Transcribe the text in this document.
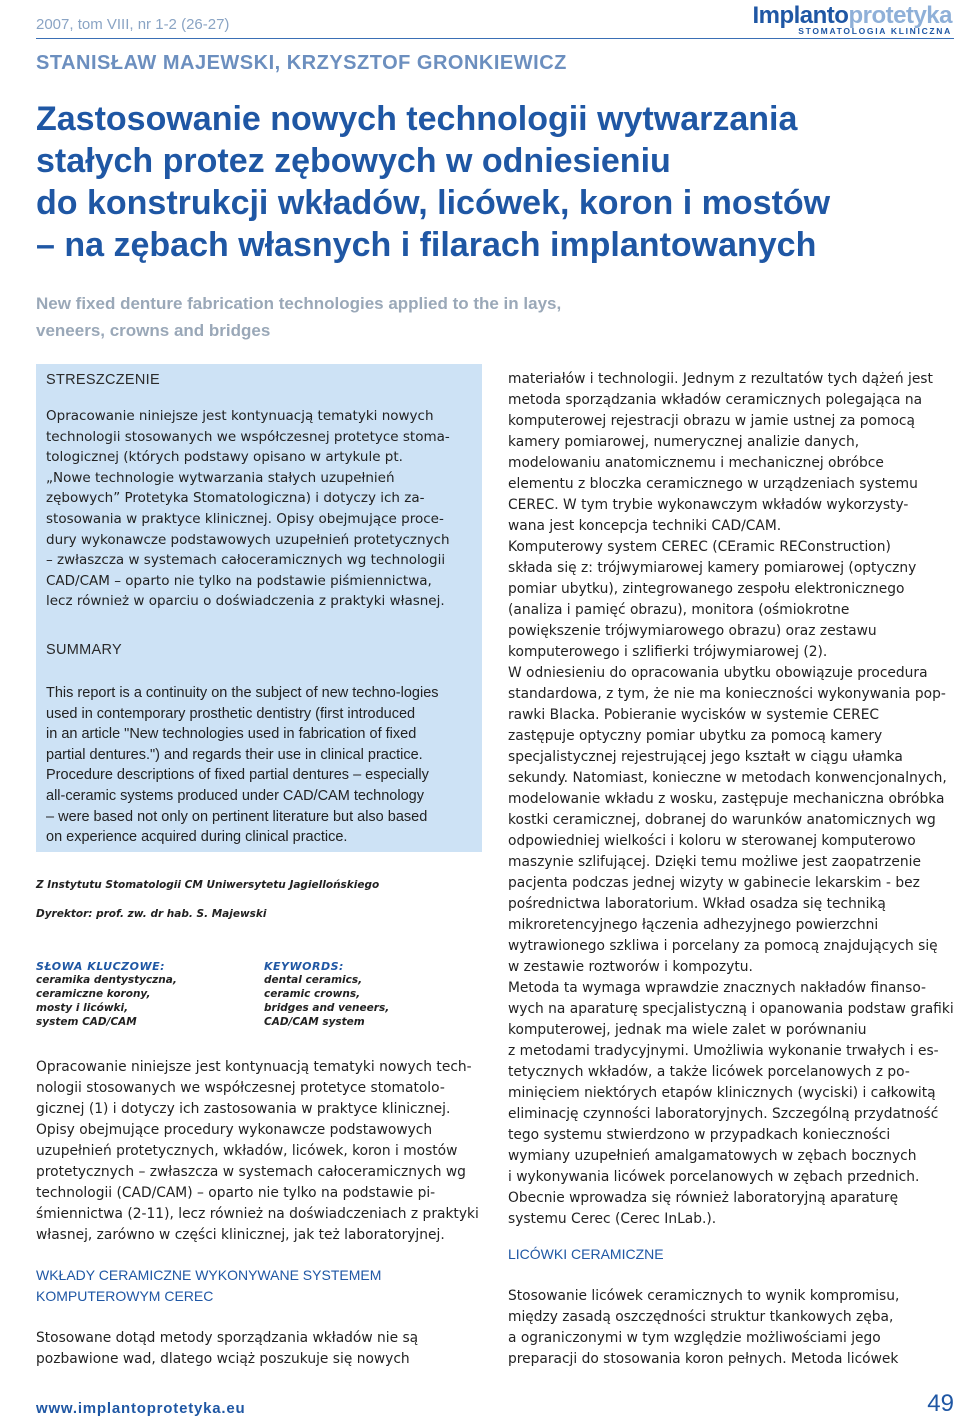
2007, tom VIII, nr 1-2 (26-27)	Implantoprotetyka
STOMATOLOGIA KLINICZNA
STANISŁAW MAJEWSKI, KRZYSZTOF GRONKIEWICZ
Zastosowanie nowych technologii wytwarzania
stałych protez zębowych w odniesieniu
do konstrukcji wkładów, licówek, koron i mostów
– na zębach własnych i filarach implantowanych
New fixed denture fabrication technologies applied to the in lays,
veneers, crowns and bridges
STRESZCZENIE
Opracowanie niniejsze jest kontynuacją tematyki nowych
technologii stosowanych we współczesnej protetyce stoma-
tologicznej (których podstawy opisano w artykule pt.
„Nowe technologie wytwarzania stałych uzupełnień
zębowych” Protetyka Stomatologiczna) i dotyczy ich za-
stosowania w praktyce klinicznej. Opisy obejmujące proce-
dury wykonawcze podstawowych uzupełnień protetycznych
– zwłaszcza w systemach całoceramicznych wg technologii
CAD/CAM – oparto nie tylko na podstawie piśmiennictwa,
lecz również w oparciu o doświadczenia z praktyki własnej.
SUMMARY
This report is a continuity on the subject of new techno-logies
used in contemporary prosthetic dentistry (first introduced
in an article "New technologies used in fabrication of fixed
partial dentures.") and regards their use in clinical practice.
Procedure descriptions of fixed partial dentures – especially
all-ceramic systems produced under CAD/CAM technology
– were based not only on pertinent literature but also based
on experience acquired during clinical practice.
Z Instytutu Stomatologii CM Uniwersytetu Jagiellońskiego
Dyrektor: prof. zw. dr hab. S. Majewski
SŁOWA KLUCZOWE:
ceramika dentystyczna,
ceramiczne korony,
mosty i licówki,
system CAD/CAM
KEYWORDS:
dental ceramics,
ceramic crowns,
bridges and veneers,
CAD/CAM system
Opracowanie niniejsze jest kontynuacją tematyki nowych tech-
nologii stosowanych we współczesnej protetyce stomatolo-
gicznej (1) i dotyczy ich zastosowania w praktyce klinicznej.
Opisy obejmujące procedury wykonawcze podstawowych
uzupełnień protetycznych, wkładów, licówek, koron i mostów
protetycznych – zwłaszcza w systemach całoceramicznych wg
technologii (CAD/CAM) – oparto nie tylko na podstawie pi-
śmiennictwa (2-11), lecz również na doświadczeniach z praktyki
własnej, zarówno w części klinicznej, jak też laboratoryjnej.
WKŁADY CERAMICZNE WYKONYWANE SYSTEMEM
KOMPUTEROWYM CEREC
Stosowane dotąd metody sporządzania wkładów nie są
pozbawione wad, dlatego wciąż poszukuje się nowych
materiałów i technologii. Jednym z rezultatów tych dążeń jest
metoda sporządzania wkładów ceramicznych polegająca na
komputerowej rejestracji obrazu w jamie ustnej za pomocą
kamery pomiarowej, numerycznej analizie danych,
modelowaniu anatomicznemu i mechanicznej obróbce
elementu z bloczka ceramicznego w urządzeniach systemu
CEREC. W tym trybie wykonawczym wkładów wykorzysty-
wana jest koncepcja techniki CAD/CAM.
Komputerowy system CEREC (CEramic REConstruction)
składa się z: trójwymiarowej kamery pomiarowej (optyczny
pomiar ubytku), zintegrowanego zespołu elektronicznego
(analiza i pamięć obrazu), monitora (ośmiokrotne
powiększenie trójwymiarowego obrazu) oraz zestawu
komputerowego i szlifierki trójwymiarowej (2).
W odniesieniu do opracowania ubytku obowiązuje procedura
standardowa, z tym, że nie ma konieczności wykonywania pop-
rawki Blacka. Pobieranie wycisków w systemie CEREC
zastępuje optyczny pomiar ubytku za pomocą kamery
specjalistycznej rejestrującej jego kształt w ciągu ułamka
sekundy. Natomiast, konieczne w metodach konwencjonalnych,
modelowanie wkładu z wosku, zastępuje mechaniczna obróbka
kostki ceramicznej, dobranej do warunków anatomicznych wg
odpowiedniej wielkości i koloru w sterowanej komputerowo
maszynie szlifującej. Dzięki temu możliwe jest zaopatrzenie
pacjenta podczas jednej wizyty w gabinecie lekarskim - bez
pośrednictwa laboratorium. Wkład osadza się techniką
mikroretencyjnego łączenia adhezyjnego powierzchni
wytrawionego szkliwa i porcelany za pomocą znajdujących się
w zestawie roztworów i kompozytu.
Metoda ta wymaga wprawdzie znacznych nakładów finanso-
wych na aparaturę specjalistyczną i opanowania podstaw grafiki
komputerowej, jednak ma wiele zalet w porównaniu
z metodami tradycyjnymi. Umożliwia wykonanie trwałych i es-
tetycznych wkładów, a także licówek porcelanowych z po-
minięciem niektórych etapów klinicznych (wyciski) i całkowitą
eliminację czynności laboratoryjnych. Szczególną przydatność
tego systemu stwierdzono w przypadkach konieczności
wymiany uzupełnień amalgamatowych w zębach bocznych
i wykonywania licówek porcelanowych w zębach przednich.
Obecnie wprowadza się również laboratoryjną aparaturę
systemu Cerec (Cerec InLab.).
LICÓWKI CERAMICZNE
Stosowanie licówek ceramicznych to wynik kompromisu,
między zasadą oszczędności struktur tkankowych zęba,
a ograniczonymi w tym względzie możliwościami jego
preparacji do stosowania koron pełnych. Metoda licówek
www.implantoprotetyka.eu	49
